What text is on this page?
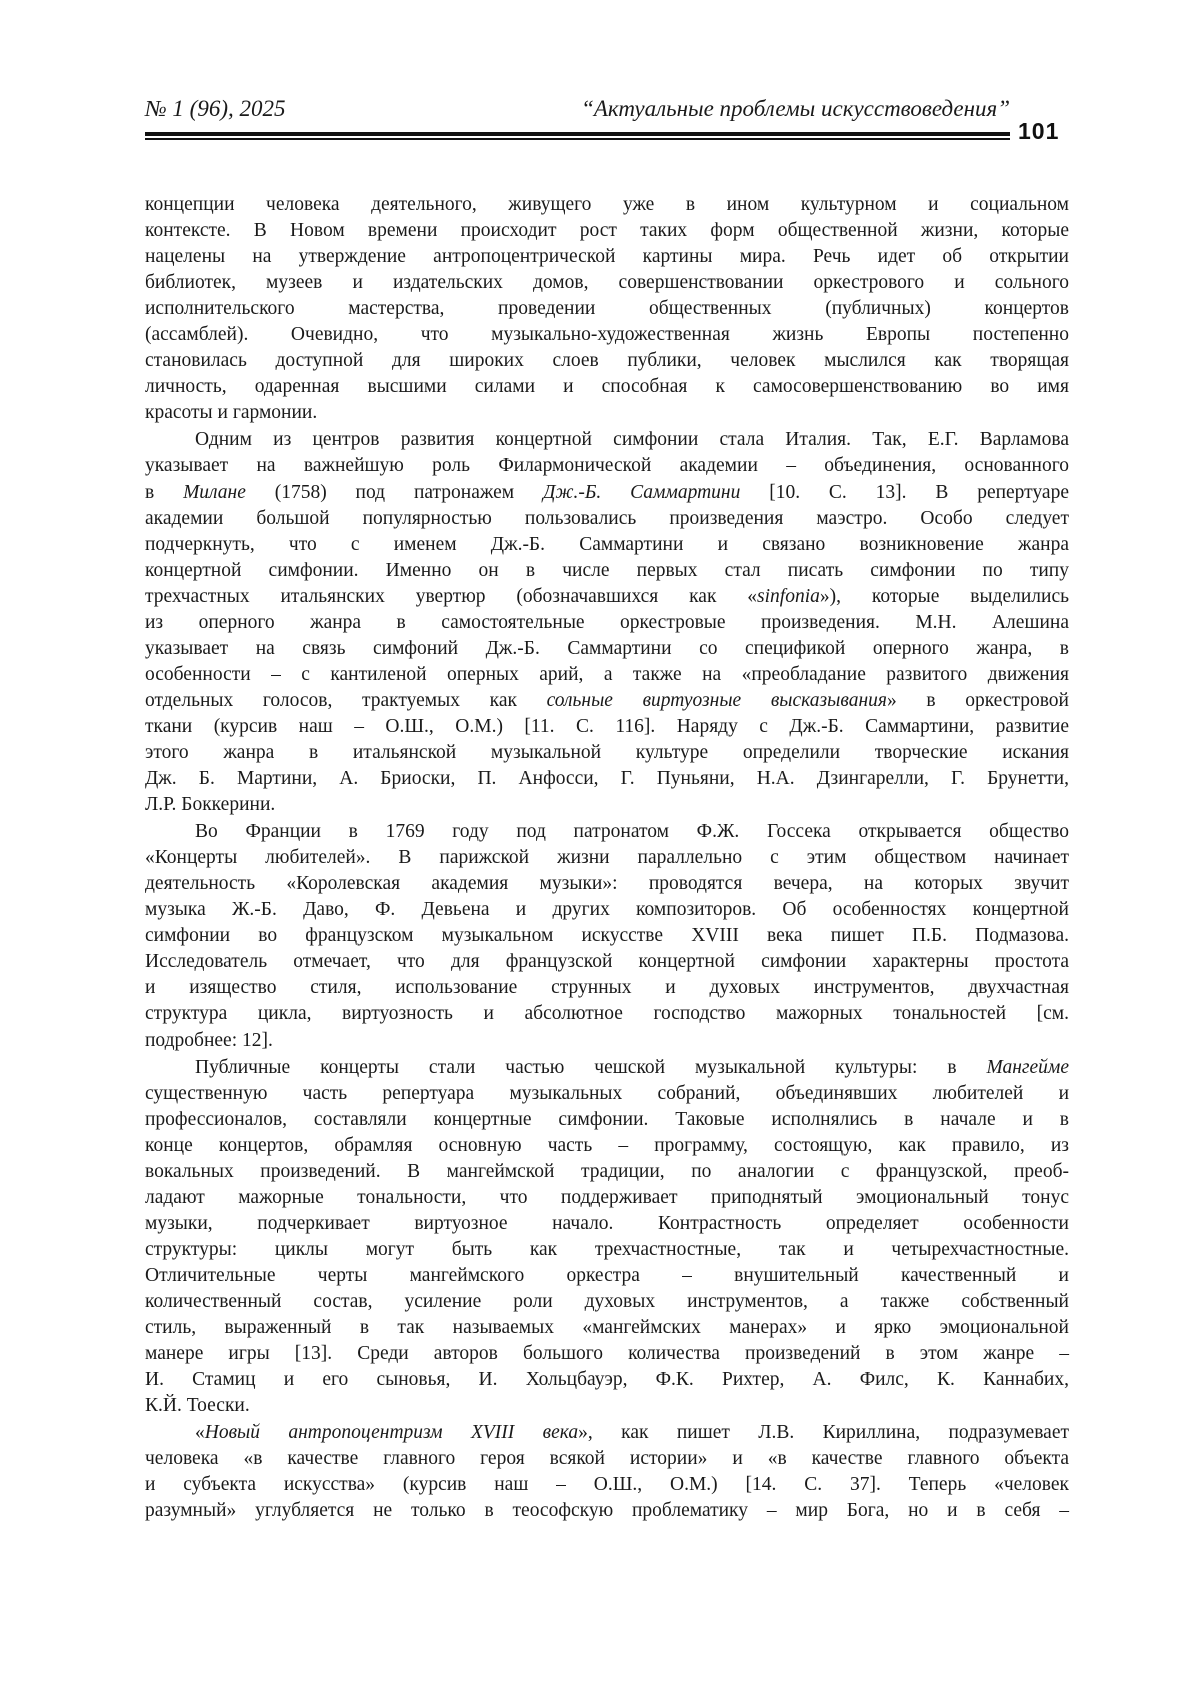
№ 1 (96), 2025	“Актуальные проблемы искусствоведения”
101
концепции человека деятельного, живущего уже в ином культурном и социальном
контексте. В Новом времени происходит рост таких форм общественной жизни, которые
нацелены на утверждение антропоцентрической картины мира. Речь идет об открытии
библиотек, музеев и издательских домов, совершенствовании оркестрового и сольного
исполнительского мастерства, проведении общественных (публичных) концертов
(ассамблей). Очевидно, что музыкально-художественная жизнь Европы постепенно
становилась доступной для широких слоев публики, человек мыслился как творящая
личность, одаренная высшими силами и способная к самосовершенствованию во имя
красоты и гармонии.
Одним из центров развития концертной симфонии стала Италия. Так, Е.Г. Варламова
указывает на важнейшую роль Филармонической академии – объединения, основанного
в Милане (1758) под патронажем Дж.-Б. Саммартини [10. С. 13]. В репертуаре
академии большой популярностью пользовались произведения маэстро. Особо следует
подчеркнуть, что с именем Дж.-Б. Саммартини и связано возникновение жанра
концертной симфонии. Именно он в числе первых стал писать симфонии по типу
трехчастных итальянских увертюр (обозначавшихся как «sinfonia»), которые выделились
из оперного жанра в самостоятельные оркестровые произведения. М.Н. Алешина
указывает на связь симфоний Дж.-Б. Саммартини со спецификой оперного жанра, в
особенности – с кантиленой оперных арий, а также на «преобладание развитого движения
отдельных голосов, трактуемых как сольные виртуозные высказывания» в оркестровой
ткани (курсив наш – О.Ш., О.М.) [11. С. 116]. Наряду с Дж.-Б. Саммартини, развитие
этого жанра в итальянской музыкальной культуре определили творческие искания
Дж. Б. Мартини, А. Бриоски, П. Анфосси, Г. Пуньяни, Н.А. Дзингарелли, Г. Брунетти,
Л.Р. Боккерини.
Во Франции в 1769 году под патронатом Ф.Ж. Госсека открывается общество
«Концерты любителей». В парижской жизни параллельно с этим обществом начинает
деятельность «Королевская академия музыки»: проводятся вечера, на которых звучит
музыка Ж.-Б. Даво, Ф. Девьена и других композиторов. Об особенностях концертной
симфонии во французском музыкальном искусстве XVIII века пишет П.Б. Подмазова.
Исследователь отмечает, что для французской концертной симфонии характерны простота
и изящество стиля, использование струнных и духовых инструментов, двухчастная
структура цикла, виртуозность и абсолютное господство мажорных тональностей [см.
подробнее: 12].
Публичные концерты стали частью чешской музыкальной культуры: в Мангейме
существенную часть репертуара музыкальных собраний, объединявших любителей и
профессионалов, составляли концертные симфонии. Таковые исполнялись в начале и в
конце концертов, обрамляя основную часть – программу, состоящую, как правило, из
вокальных произведений. В мангеймской традиции, по аналогии с французской, преоб-
ладают мажорные тональности, что поддерживает приподнятый эмоциональный тонус
музыки, подчеркивает виртуозное начало. Контрастность определяет особенности
структуры: циклы могут быть как трехчастностные, так и четырехчастностные.
Отличительные черты мангеймского оркестра – внушительный качественный и
количественный состав, усиление роли духовых инструментов, а также собственный
стиль, выраженный в так называемых «мангеймских манерах» и ярко эмоциональной
манере игры [13]. Среди авторов большого количества произведений в этом жанре –
И. Стамиц и его сыновья, И. Хольцбауэр, Ф.К. Рихтер, А. Филс, К. Каннабих,
К.Й. Тоески.
«Новый антропоцентризм XVIII века», как пишет Л.В. Кириллина, подразумевает
человека «в качестве главного героя всякой истории» и «в качестве главного объекта
и субъекта искусства» (курсив наш – О.Ш., О.М.) [14. С. 37]. Теперь «человек
разумный» углубляется не только в теософскую проблематику – мир Бога, но и в себя –
